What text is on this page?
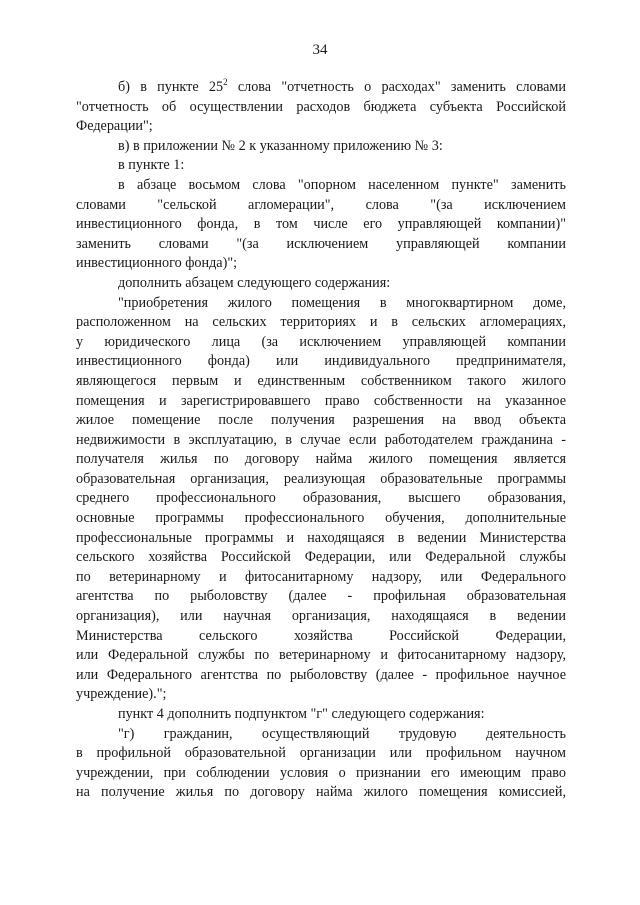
34
б) в пункте $25^2$ слова "отчетность о расходах" заменить словами
"отчетность об осуществлении расходов бюджета субъекта Российской
Федерации";
в) в приложении № 2 к указанному приложению № 3:
в пункте 1:
в абзаце восьмом слова "опорном населенном пункте" заменить
словами "сельской агломерации", слова "(за исключением
инвестиционного фонда, в том числе его управляющей компании)"
заменить словами "(за исключением управляющей компании
инвестиционного фонда)";
дополнить абзацем следующего содержания:
"приобретения жилого помещения в многоквартирном доме,
расположенном на сельских территориях и в сельских агломерациях,
у юридического лица (за исключением управляющей компании
инвестиционного фонда) или индивидуального предпринимателя,
являющегося первым и единственным собственником такого жилого
помещения и зарегистрировавшего право собственности на указанное
жилое помещение после получения разрешения на ввод объекта
недвижимости в эксплуатацию, в случае если работодателем гражданина -
получателя жилья по договору найма жилого помещения является
образовательная организация, реализующая образовательные программы
среднего профессионального образования, высшего образования,
основные программы профессионального обучения, дополнительные
профессиональные программы и находящаяся в ведении Министерства
сельского хозяйства Российской Федерации, или Федеральной службы
по ветеринарному и фитосанитарному надзору, или Федерального
агентства по рыболовству (далее - профильная образовательная
организация), или научная организация, находящаяся в ведении
Министерства сельского хозяйства Российской Федерации,
или Федеральной службы по ветеринарному и фитосанитарному надзору,
или Федерального агентства по рыболовству (далее - профильное научное
учреждение).";
пункт 4 дополнить подпунктом "г" следующего содержания:
"г) гражданин, осуществляющий трудовую деятельность
в профильной образовательной организации или профильном научном
учреждении, при соблюдении условия о признании его имеющим право
на получение жилья по договору найма жилого помещения комиссией,
